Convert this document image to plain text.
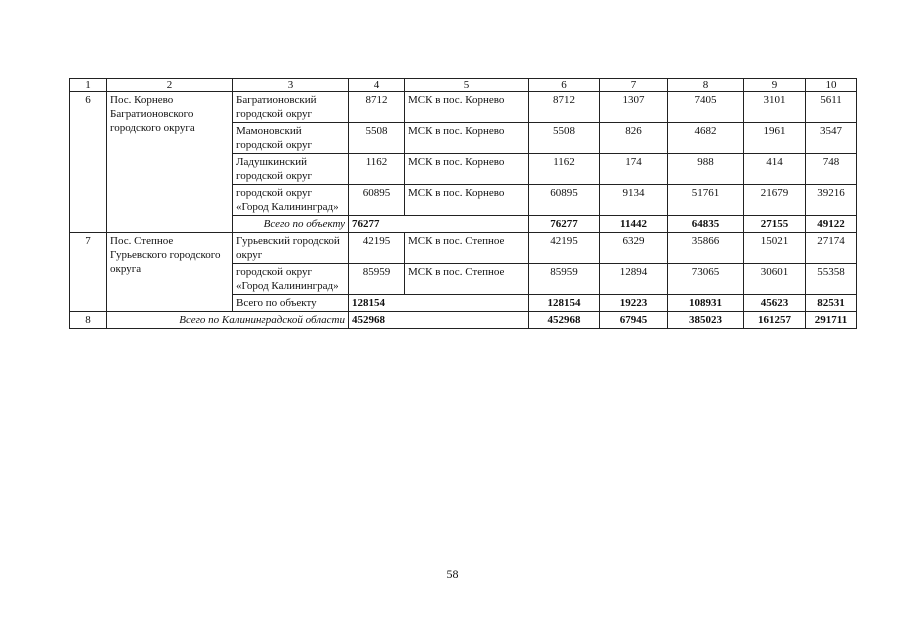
1	2	3	4	5	6	7	8	9	10
6	Пос. Корнево Багратионовского городского округа	Багратионовский городской округ	8712	МСК в пос. Корнево	8712	1307	7405	3101	5611
		Мамоновский городской округ	5508	МСК в пос. Корнево	5508	826	4682	1961	3547
		Ладушкинский городской округ	1162	МСК в пос. Корнево	1162	174	988	414	748
		городской округ «Город Калининград»	60895	МСК в пос. Корнево	60895	9134	51761	21679	39216
		Всего по объекту	76277		76277	11442	64835	27155	49122
7	Пос. Степное Гурьевского городского округа	Гурьевский городской округ	42195	МСК в пос. Степное	42195	6329	35866	15021	27174
		городской округ «Город Калининград»	85959	МСК в пос. Степное	85959	12894	73065	30601	55358
		Всего по объекту	128154		128154	19223	108931	45623	82531
8	Всего по Калининградской области		452968		452968	67945	385023	161257	291711
58
